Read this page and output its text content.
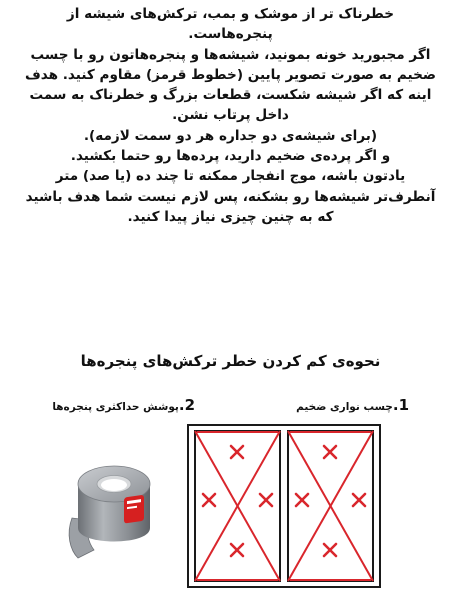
خطرناک تر از موشک و بمب، ترکش‌های شیشه از
پنجره‌هاست.
اگر مجبورید خونه بمونید، شیشه‌ها و پنجره‌هاتون رو با چسب
ضخیم به صورت تصویر پایین (خطوط قرمز) مقاوم کنید. هدف
اینه که اگر شیشه شکست، قطعات بزرگ و خطرناک به سمت
داخل پرتاب نشن.
(برای شیشه‌ی دو جداره هر دو سمت لازمه).
و اگر پرده‌ی ضخیم دارید، پرده‌ها رو حتما بکشید.
یادتون باشه، موج انفجار ممکنه تا چند ده (یا صد) متر
آنطرف‌تر شیشه‌ها رو بشکنه، پس لازم نیست شما هدف باشید
که به چنین چیزی نیاز پیدا کنید.
نحوه‌ی کم کردن خطر ترکش‌های پنجره‌ها
1.چسب نواری ضخیم
2.پوشش حداکثری پنجره‌ها
